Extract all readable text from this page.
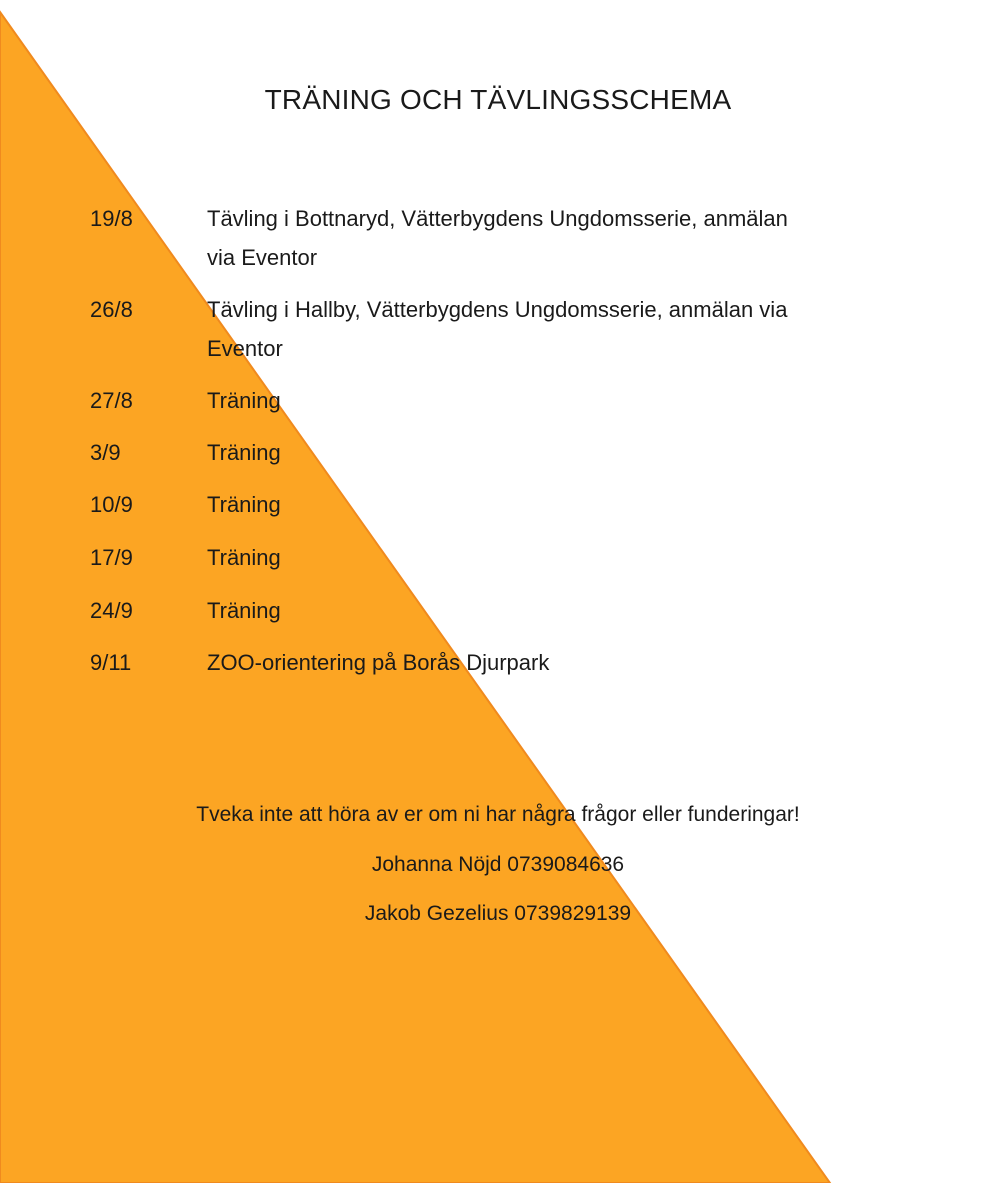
TRÄNING OCH TÄVLINGSSCHEMA
19/8	Tävling i Bottnaryd, Vätterbygdens Ungdomsserie, anmälan
via Eventor
26/8	Tävling i Hallby, Vätterbygdens Ungdomsserie, anmälan via
Eventor
27/8	Träning
3/9	Träning
10/9	Träning
17/9	Träning
24/9	Träning
9/11	ZOO-orientering på Borås Djurpark
Tveka inte att höra av er om ni har några frågor eller funderingar!
Johanna Nöjd 0739084636
Jakob Gezelius 0739829139
